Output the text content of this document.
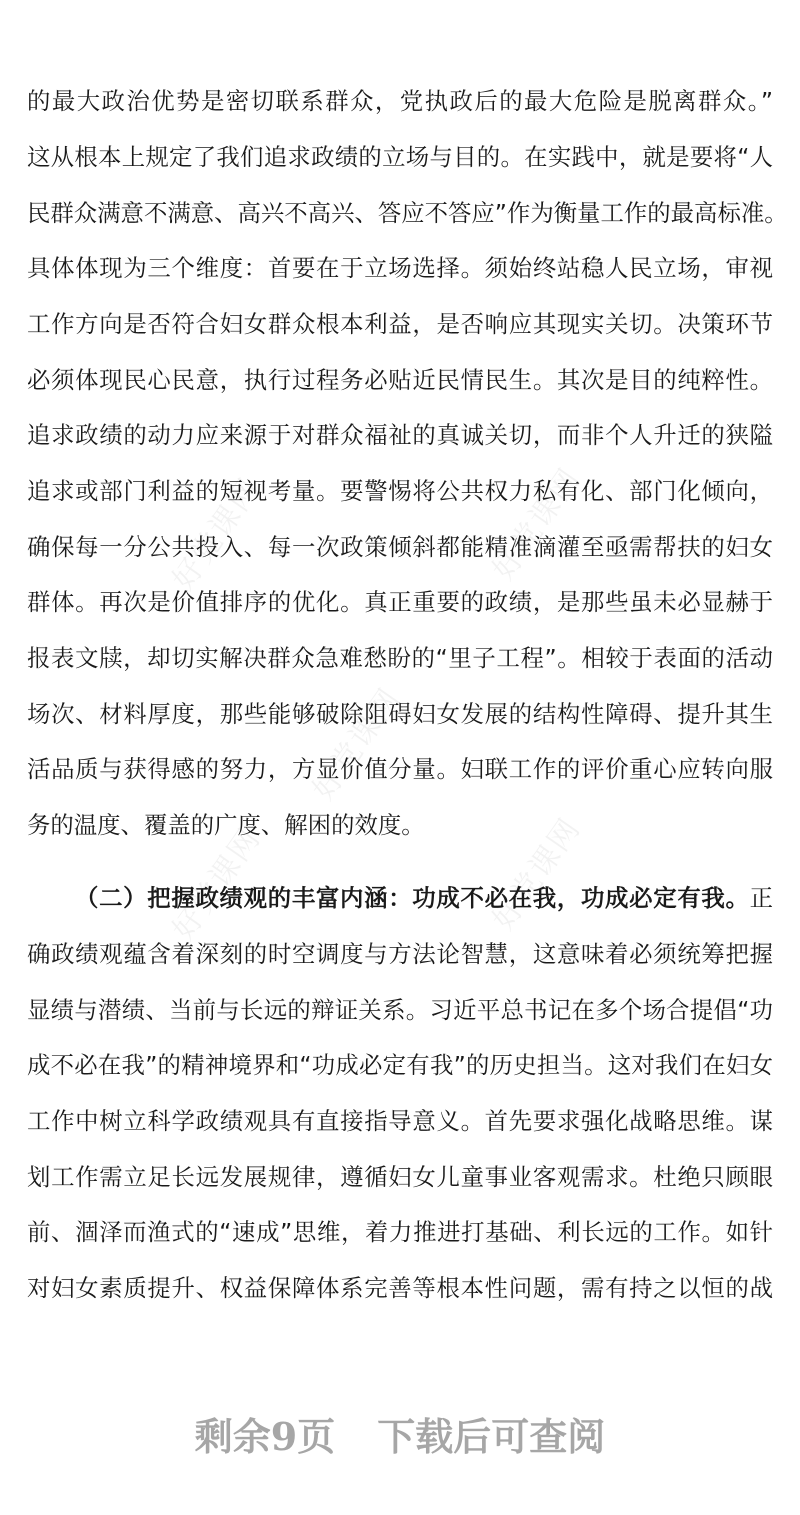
好党课网	好党课网
好党课网
好党课网	好党课网
的最大政治优势是密切联系群众，党执政后的最大危险是脱离群众。”
这从根本上规定了我们追求政绩的立场与目的。在实践中，就是要将“人
民群众满意不满意、高兴不高兴、答应不答应”作为衡量工作的最高标准。
具体体现为三个维度：首要在于立场选择。须始终站稳人民立场，审视
工作方向是否符合妇女群众根本利益，是否响应其现实关切。决策环节
必须体现民心民意，执行过程务必贴近民情民生。其次是目的纯粹性。
追求政绩的动力应来源于对群众福祉的真诚关切，而非个人升迁的狭隘
追求或部门利益的短视考量。要警惕将公共权力私有化、部门化倾向，
确保每一分公共投入、每一次政策倾斜都能精准滴灌至亟需帮扶的妇女
群体。再次是价值排序的优化。真正重要的政绩，是那些虽未必显赫于
报表文牍，却切实解决群众急难愁盼的“里子工程”。相较于表面的活动
场次、材料厚度，那些能够破除阻碍妇女发展的结构性障碍、提升其生
活品质与获得感的努力，方显价值分量。妇联工作的评价重心应转向服
务的温度、覆盖的广度、解困的效度。
（二）把握政绩观的丰富内涵：功成不必在我，功成必定有我。正
确政绩观蕴含着深刻的时空调度与方法论智慧，这意味着必须统筹把握
显绩与潜绩、当前与长远的辩证关系。习近平总书记在多个场合提倡“功
成不必在我”的精神境界和“功成必定有我”的历史担当。这对我们在妇女
工作中树立科学政绩观具有直接指导意义。首先要求强化战略思维。谋
划工作需立足长远发展规律，遵循妇女儿童事业客观需求。杜绝只顾眼
前、涸泽而渔式的“速成”思维，着力推进打基础、利长远的工作。如针
对妇女素质提升、权益保障体系完善等根本性问题，需有持之以恒的战
剩余9页 下载后可查阅
